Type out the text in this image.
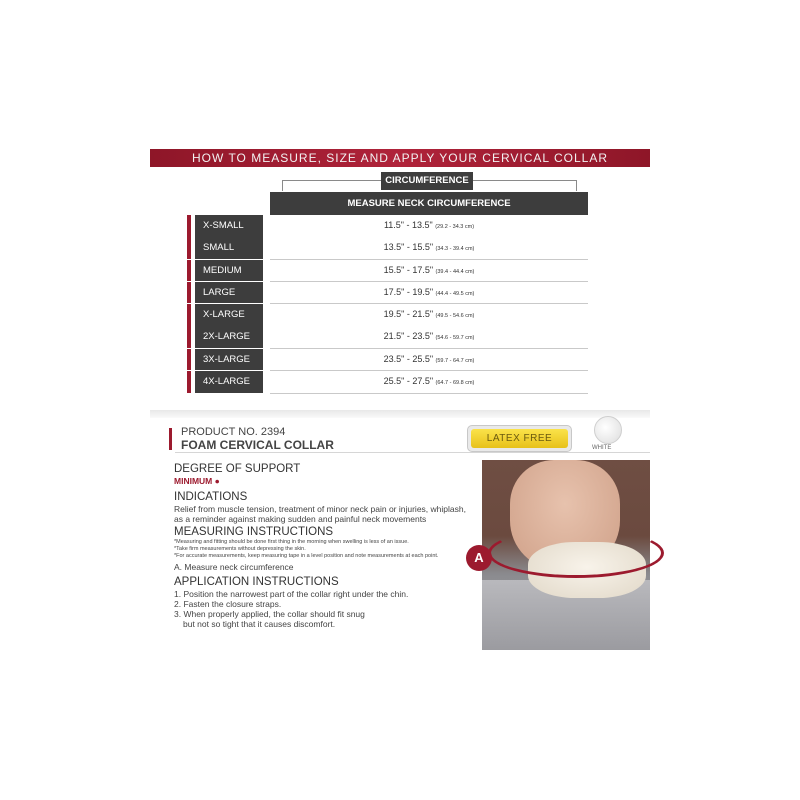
HOW TO MEASURE, SIZE AND APPLY YOUR CERVICAL COLLAR
CIRCUMFERENCE
MEASURE NECK CIRCUMFERENCE
X-SMALL	11.5" - 13.5" (29.2 - 34.3 cm)
SMALL	13.5" - 15.5" (34.3 - 39.4 cm)
MEDIUM	15.5" - 17.5" (39.4 - 44.4 cm)
LARGE	17.5" - 19.5" (44.4 - 49.5 cm)
X-LARGE	19.5" - 21.5" (49.5 - 54.6 cm)
2X-LARGE	21.5" - 23.5" (54.6 - 59.7 cm)
3X-LARGE	23.5" - 25.5" (59.7 - 64.7 cm)
4X-LARGE	25.5" - 27.5" (64.7 - 69.8 cm)
PRODUCT NO. 2394
FOAM CERVICAL COLLAR	LATEX FREE
WHITE
DEGREE OF SUPPORT
MINIMUM ●
INDICATIONS
Relief from muscle tension, treatment of minor neck pain or injuries, whiplash,
as a reminder against making sudden and painful neck movements
MEASURING INSTRUCTIONS
*Measuring and fitting should be done first thing in the morning when swelling is less of an issue.
*Take firm measurements without depressing the skin.
*For accurate measurements, keep measuring tape in a level position and note measurements at each point.
A. Measure neck circumference
APPLICATION INSTRUCTIONS
1. Position the narrowest part of the collar right under the chin.
2. Fasten the closure straps.
3. When properly applied, the collar should fit snug
but not so tight that it causes discomfort.
A
